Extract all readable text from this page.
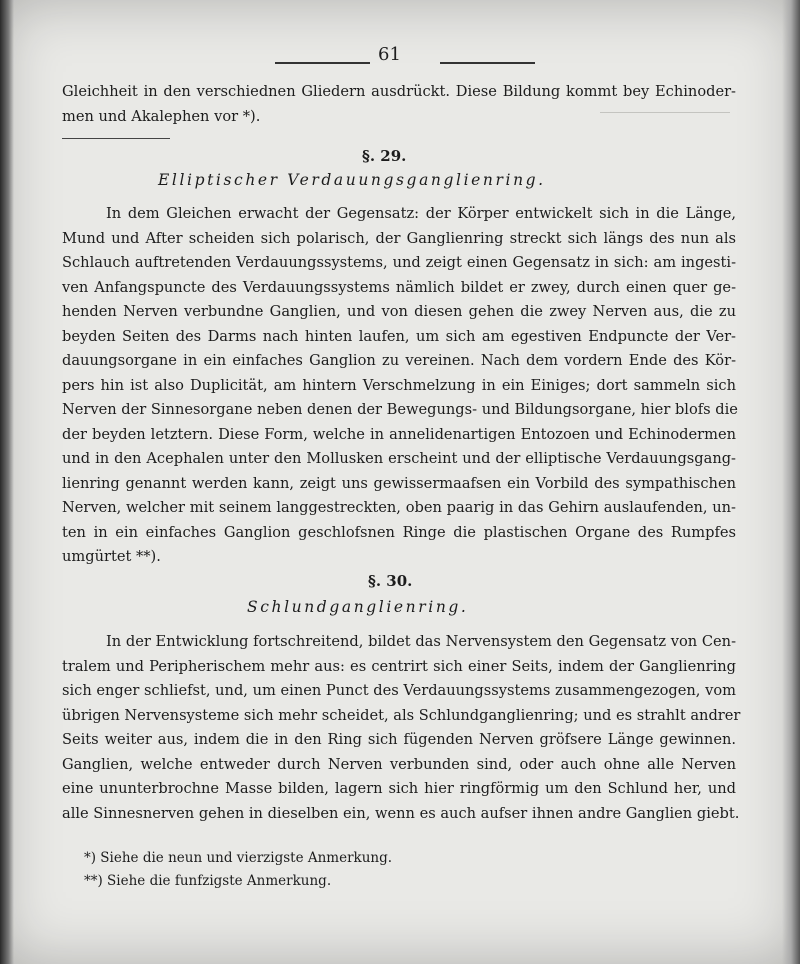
61
Gleichheit in den verschiednen Gliedern ausdrückt. Diese Bildung kommt bey Echinoder-
men und Akalephen vor *).
§. 29.
Elliptischer Verdauungsganglienring.
In dem Gleichen erwacht der Gegensatz: der Körper entwickelt sich in die Länge,
Mund und After scheiden sich polarisch, der Ganglienring streckt sich längs des nun als
Schlauch auftretenden Verdauungssystems, und zeigt einen Gegensatz in sich: am ingesti-
ven Anfangspuncte des Verdauungssystems nämlich bildet er zwey, durch einen quer ge-
henden Nerven verbundne Ganglien, und von diesen gehen die zwey Nerven aus, die zu
beyden Seiten des Darms nach hinten laufen, um sich am egestiven Endpuncte der Ver-
dauungsorgane in ein einfaches Ganglion zu vereinen. Nach dem vordern Ende des Kör-
pers hin ist also Duplicität, am hintern Verschmelzung in ein Einiges; dort sammeln sich
Nerven der Sinnesorgane neben denen der Bewegungs- und Bildungsorgane, hier blofs die
der beyden letztern. Diese Form, welche in annelidenartigen Entozoen und Echinodermen
und in den Acephalen unter den Mollusken erscheint und der elliptische Verdauungsgang-
lienring genannt werden kann, zeigt uns gewissermaafsen ein Vorbild des sympathischen
Nerven, welcher mit seinem langgestreckten, oben paarig in das Gehirn auslaufenden, un-
ten in ein einfaches Ganglion geschlofsnen Ringe die plastischen Organe des Rumpfes
umgürtet **).
§. 30.
Schlundganglienring.
In der Entwicklung fortschreitend, bildet das Nervensystem den Gegensatz von Cen-
tralem und Peripherischem mehr aus: es centrirt sich einer Seits, indem der Ganglienring
sich enger schliefst, und, um einen Punct des Verdauungssystems zusammengezogen, vom
übrigen Nervensysteme sich mehr scheidet, als Schlundganglienring; und es strahlt andrer
Seits weiter aus, indem die in den Ring sich fügenden Nerven gröfsere Länge gewinnen.
Ganglien, welche entweder durch Nerven verbunden sind, oder auch ohne alle Nerven
eine ununterbrochne Masse bilden, lagern sich hier ringförmig um den Schlund her, und
alle Sinnesnerven gehen in dieselben ein, wenn es auch aufser ihnen andre Ganglien giebt.
*) Siehe die neun und vierzigste Anmerkung.
**) Siehe die funfzigste Anmerkung.
